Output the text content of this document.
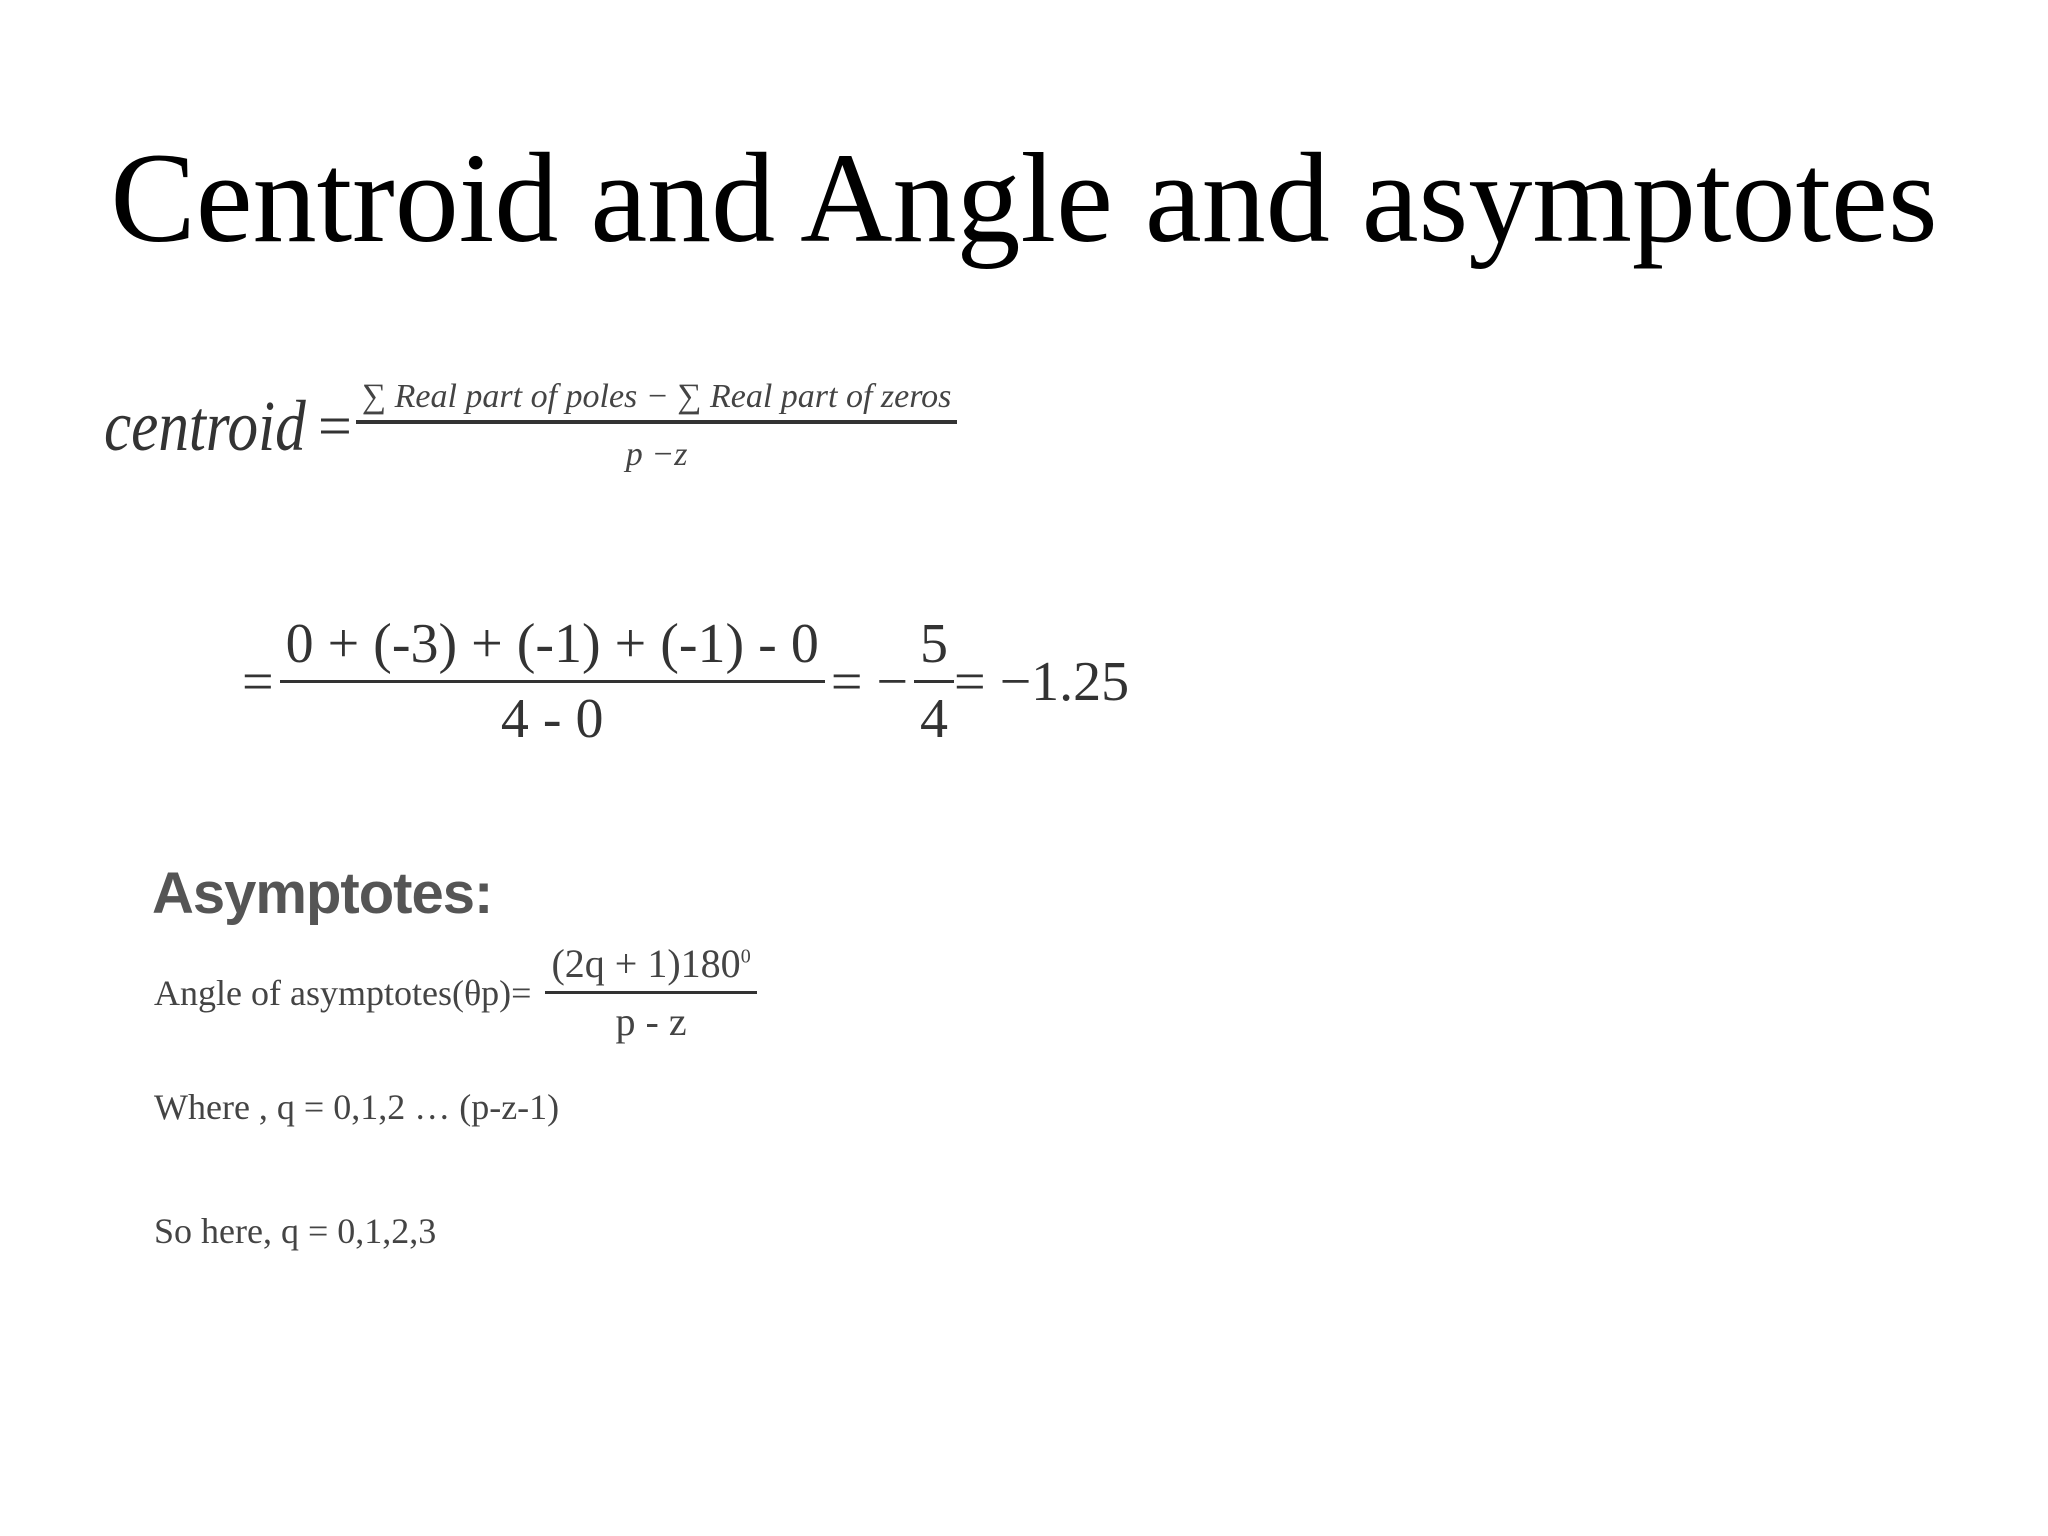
Centroid and Angle and asymptotes
centroid = $\frac{\text{∑ Real part of poles − ∑ Real part of zeros}}{p -z}$
= $\frac{0 + (-3) + (-1) + (-1) - 0}{4 - 0}$ = − $\frac{5}{4} = -1.25$
Asymptotes:
Angle of asymptotes(θp)= $\frac{(2q + 1)180^0}{p - z}$
Where , q = 0,1,2 … (p-z-1)
So here, q = 0,1,2,3
